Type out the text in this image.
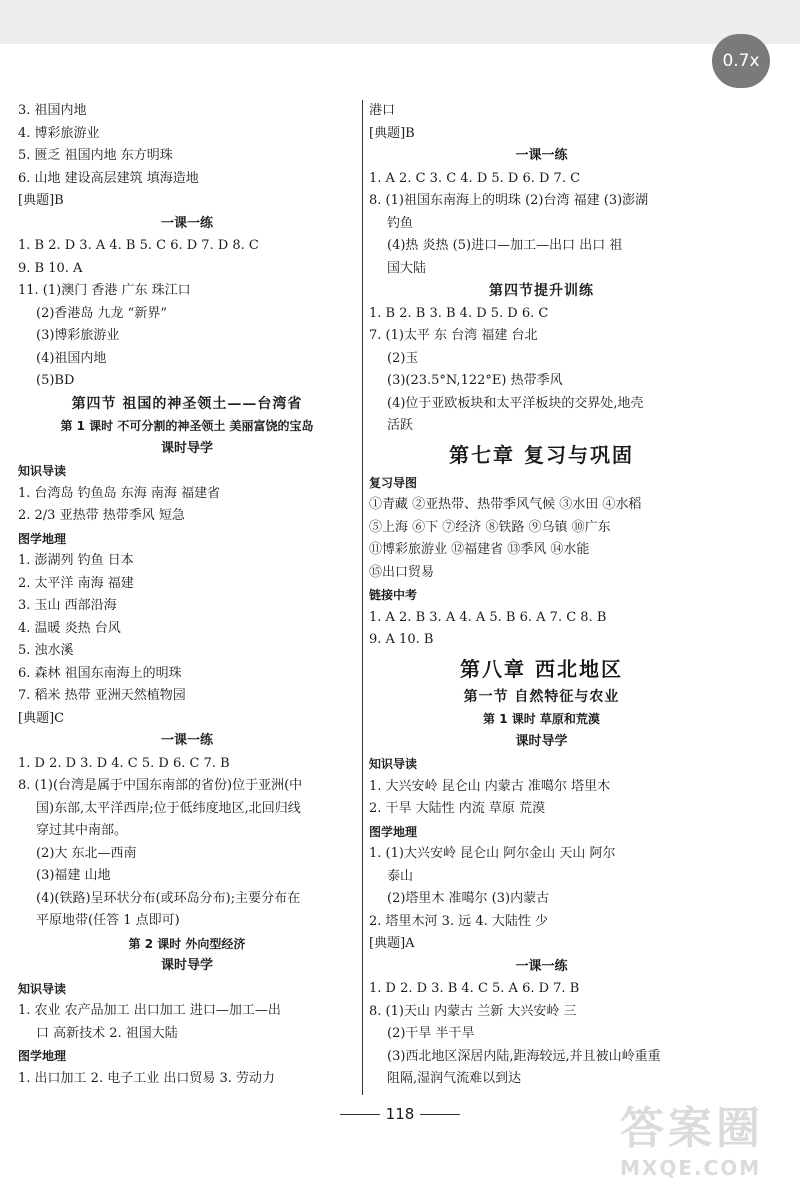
0.7x
3. 祖国内地
4. 博彩旅游业
5. 匮乏 祖国内地 东方明珠
6. 山地 建设高层建筑 填海造地
[典题]B
一课一练
1. B 2. D 3. A 4. B 5. C 6. D 7. D 8. C
9. B 10. A
11. (1)澳门 香港 广东 珠江口
(2)香港岛 九龙 “新界”
(3)博彩旅游业
(4)祖国内地
(5)BD
第四节 祖国的神圣领土——台湾省
第 1 课时 不可分割的神圣领土 美丽富饶的宝岛
课时导学
知识导读
1. 台湾岛 钓鱼岛 东海 南海 福建省
2. 2/3 亚热带 热带季风 短急
图学地理
1. 澎湖列 钓鱼 日本
2. 太平洋 南海 福建
3. 玉山 西部沿海
4. 温暖 炎热 台风
5. 浊水溪
6. 森林 祖国东南海上的明珠
7. 稻米 热带 亚洲天然植物园
[典题]C
一课一练
1. D 2. D 3. D 4. C 5. D 6. C 7. B
8. (1)(台湾是属于中国东南部的省份)位于亚洲(中
国)东部,太平洋西岸;位于低纬度地区,北回归线
穿过其中南部。
(2)大 东北—西南
(3)福建 山地
(4)(铁路)呈环状分布(或环岛分布);主要分布在
平原地带(任答 1 点即可)
第 2 课时 外向型经济
课时导学
知识导读
1. 农业 农产品加工 出口加工 进口—加工—出
口 高新技术 2. 祖国大陆
图学地理
1. 出口加工 2. 电子工业 出口贸易 3. 劳动力
港口
[典题]B
一课一练
1. A 2. C 3. C 4. D 5. D 6. D 7. C
8. (1)祖国东南海上的明珠 (2)台湾 福建 (3)澎湖
钓鱼
(4)热 炎热 (5)进口—加工—出口 出口 祖
国大陆
第四节提升训练
1. B 2. B 3. B 4. D 5. D 6. C
7. (1)太平 东 台湾 福建 台北
(2)玉
(3)(23.5°N,122°E) 热带季风
(4)位于亚欧板块和太平洋板块的交界处,地壳
活跃
第七章 复习与巩固
复习导图
①青藏 ②亚热带、热带季风气候 ③水田 ④水稻
⑤上海 ⑥下 ⑦经济 ⑧铁路 ⑨乌镇 ⑩广东
⑪博彩旅游业 ⑫福建省 ⑬季风 ⑭水能
⑮出口贸易
链接中考
1. A 2. B 3. A 4. A 5. B 6. A 7. C 8. B
9. A 10. B
第八章 西北地区
第一节 自然特征与农业
第 1 课时 草原和荒漠
课时导学
知识导读
1. 大兴安岭 昆仑山 内蒙古 准噶尔 塔里木
2. 干旱 大陆性 内流 草原 荒漠
图学地理
1. (1)大兴安岭 昆仑山 阿尔金山 天山 阿尔
泰山
(2)塔里木 准噶尔 (3)内蒙古
2. 塔里木河 3. 远 4. 大陆性 少
[典题]A
一课一练
1. D 2. D 3. B 4. C 5. A 6. D 7. B
8. (1)天山 内蒙古 兰新 大兴安岭 三
(2)干旱 半干旱
(3)西北地区深居内陆,距海较远,并且被山岭重重
阻隔,湿润气流难以到达
118	答案圈
MXQE.COM
